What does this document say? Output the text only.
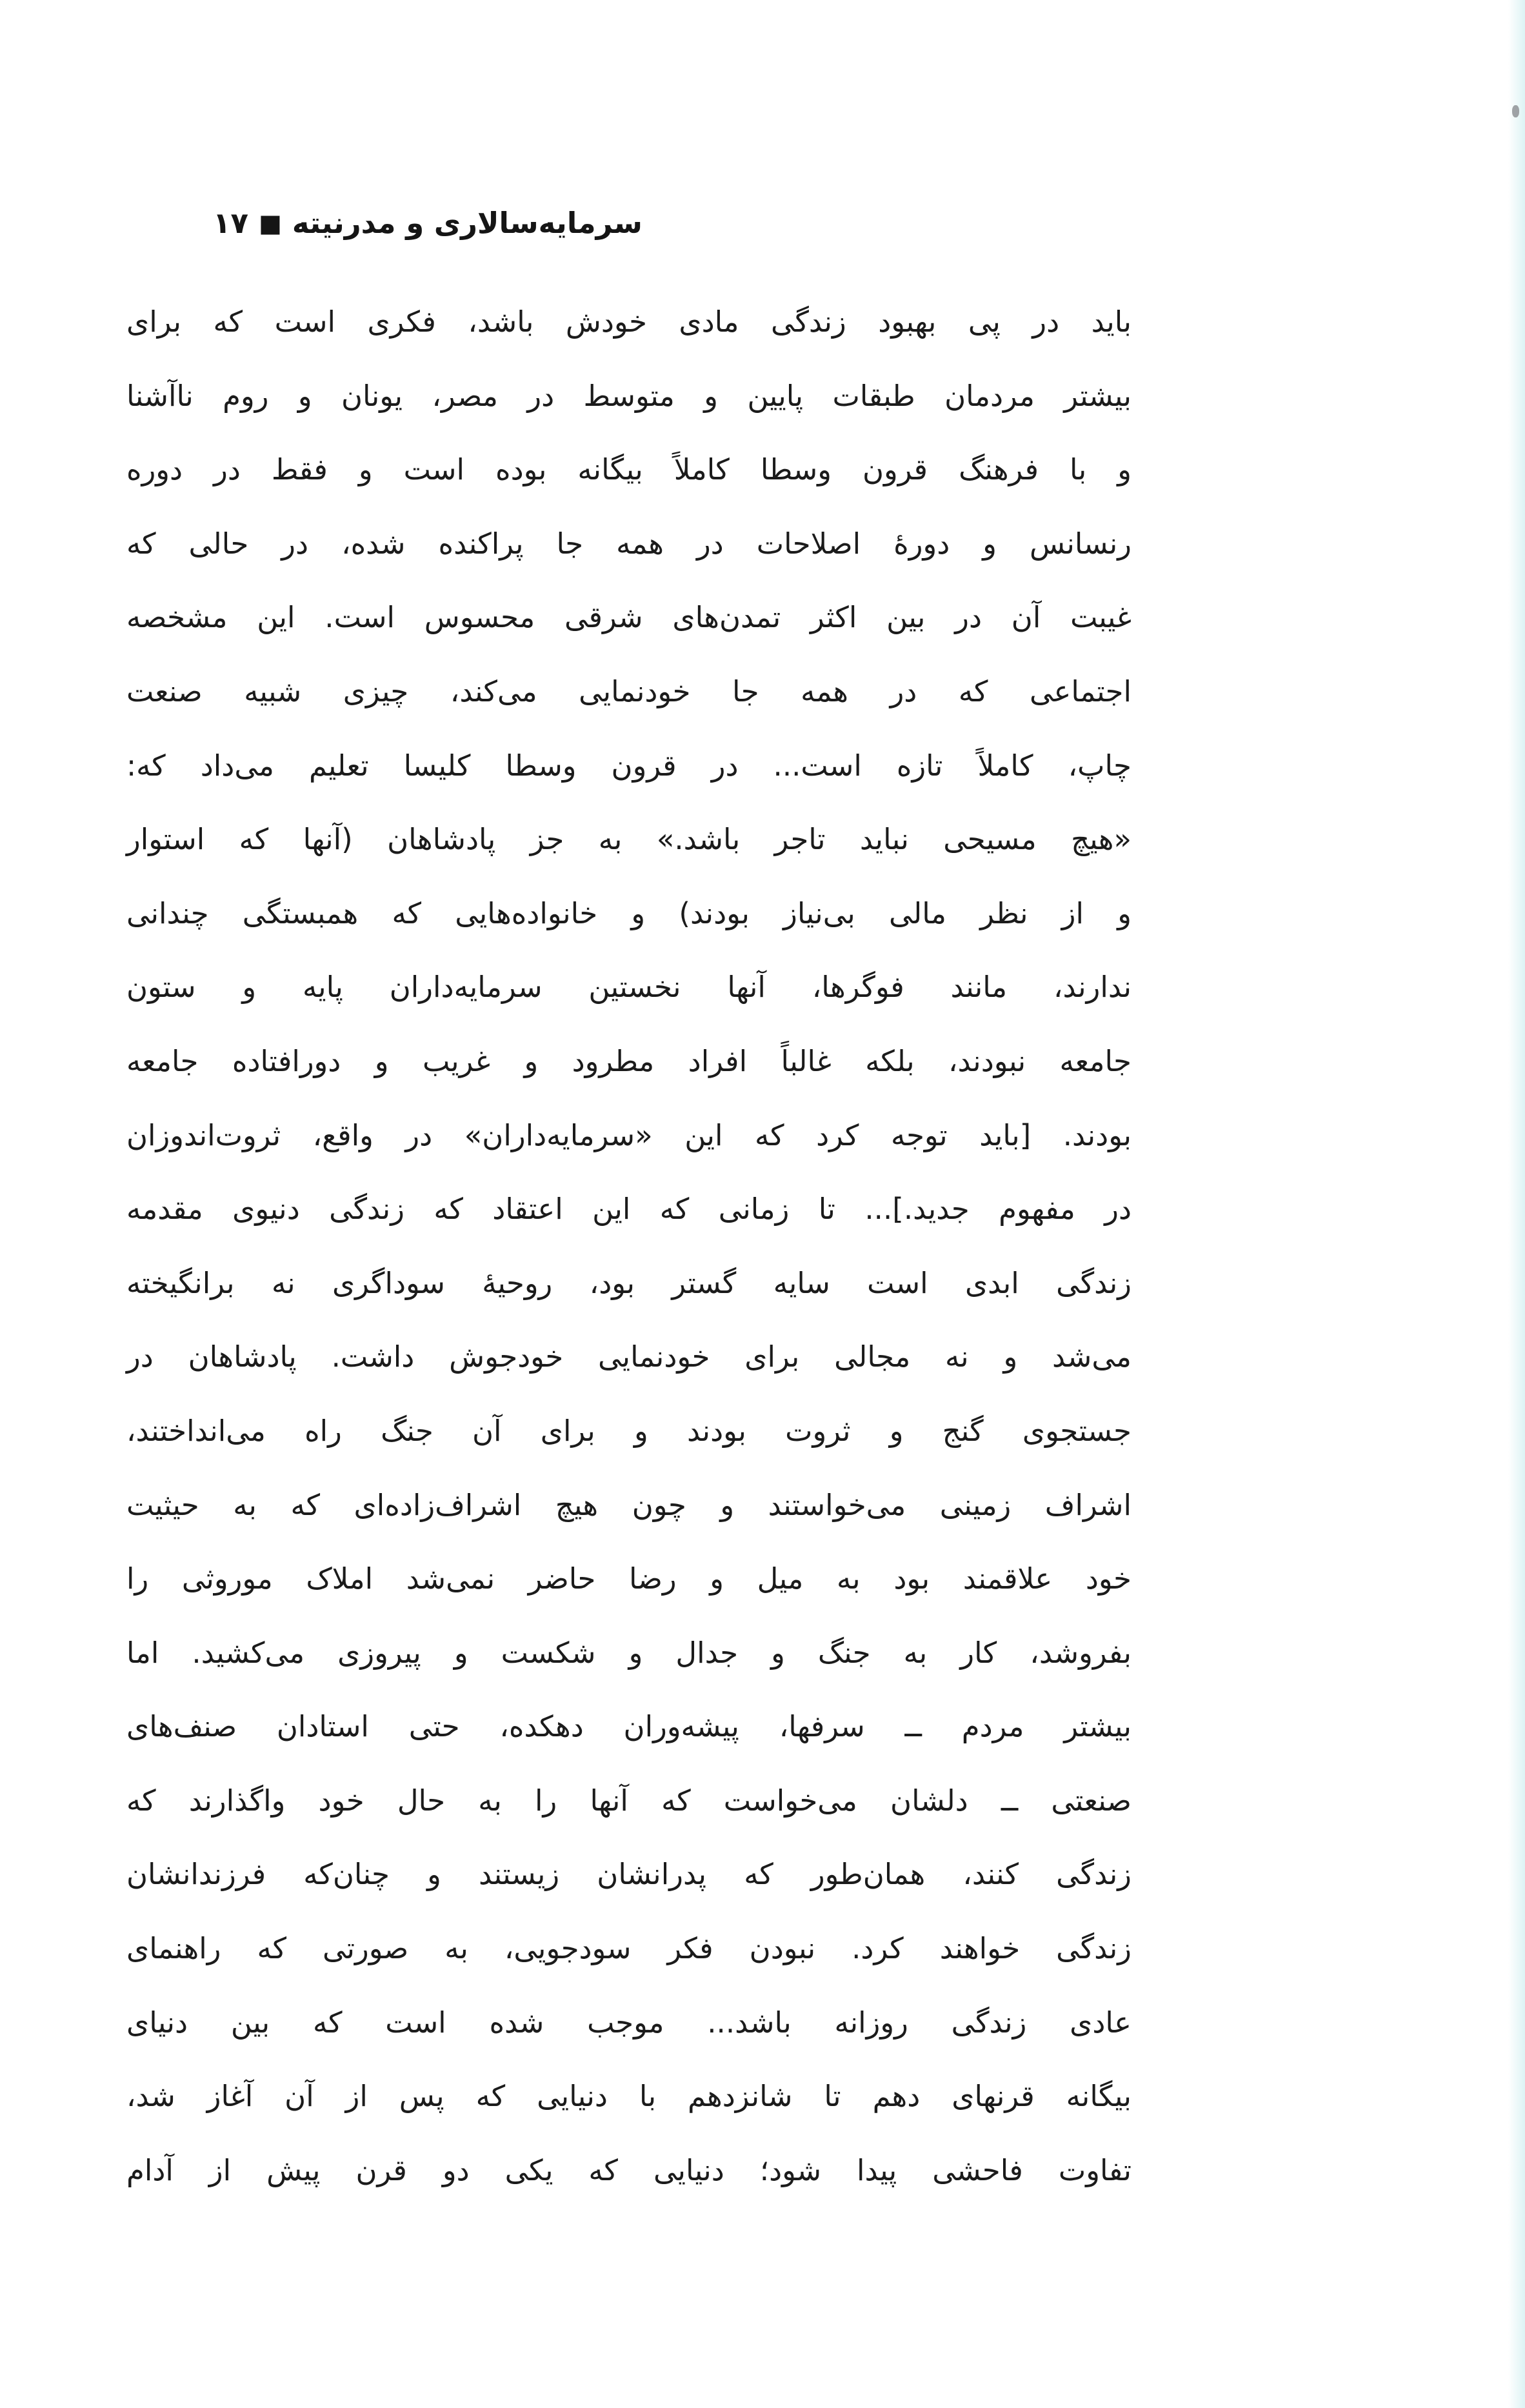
سرمایه‌سالاری و مدرنیته■۱۷
باید در پی بهبود زندگی مادی خودش باشد، فکری است که برای
بیشتر مردمان طبقات پایین و متوسط در مصر، یونان و روم ناآشنا
و با فرهنگ قرون وسطا کاملاً بیگانه بوده است و فقط در دوره
رنسانس و دورهٔ اصلاحات در همه جا پراکنده شده، در حالی که
غیبت آن در بین اکثر تمدن‌های شرقی محسوس است. این مشخصه
اجتماعی که در همه جا خودنمایی می‌کند، چیزی شبیه صنعت
چاپ، کاملاً تازه است... در قرون وسطا کلیسا تعلیم می‌داد که:
«هیچ مسیحی نباید تاجر باشد.» به جز پادشاهان (آنها که استوار
و از نظر مالی بی‌نیاز بودند) و خانواده‌هایی که همبستگی چندانی
ندارند، مانند فوگرها، آنها نخستین سرمایه‌داران پایه و ستون
جامعه نبودند، بلکه غالباً افراد مطرود و غریب و دورافتاده جامعه
بودند. [باید توجه کرد که این «سرمایه‌داران» در واقع، ثروت‌اندوزان
در مفهوم جدید.]... تا زمانی که این اعتقاد که زندگی دنیوی مقدمه
زندگی ابدی است سایه گستر بود، روحیهٔ سوداگری نه برانگیخته
می‌شد و نه مجالی برای خودنمایی خودجوش داشت. پادشاهان در
جستجوی گنج و ثروت بودند و برای آن جنگ راه می‌انداختند،
اشراف زمینی می‌خواستند و چون هیچ اشراف‌زاده‌ای که به حیثیت
خود علاقمند بود به میل و رضا حاضر نمی‌شد املاک موروثی را
بفروشد، کار به جنگ و جدال و شکست و پیروزی می‌کشید. اما
بیشتر مردم ــ سرفها، پیشه‌وران دهکده، حتی استادان صنف‌های
صنعتی ــ دلشان می‌خواست که آنها را به حال خود واگذارند که
زندگی کنند، همان‌طور که پدرانشان زیستند و چنان‌که فرزندانشان
زندگی خواهند کرد. نبودن فکر سودجویی، به صورتی که راهنمای
عادی زندگی روزانه باشد... موجب شده است که بین دنیای
بیگانه قرنهای دهم تا شانزدهم با دنیایی که پس از آن آغاز شد،
تفاوت فاحشی پیدا شود؛ دنیایی که یکی دو قرن پیش از آدام
